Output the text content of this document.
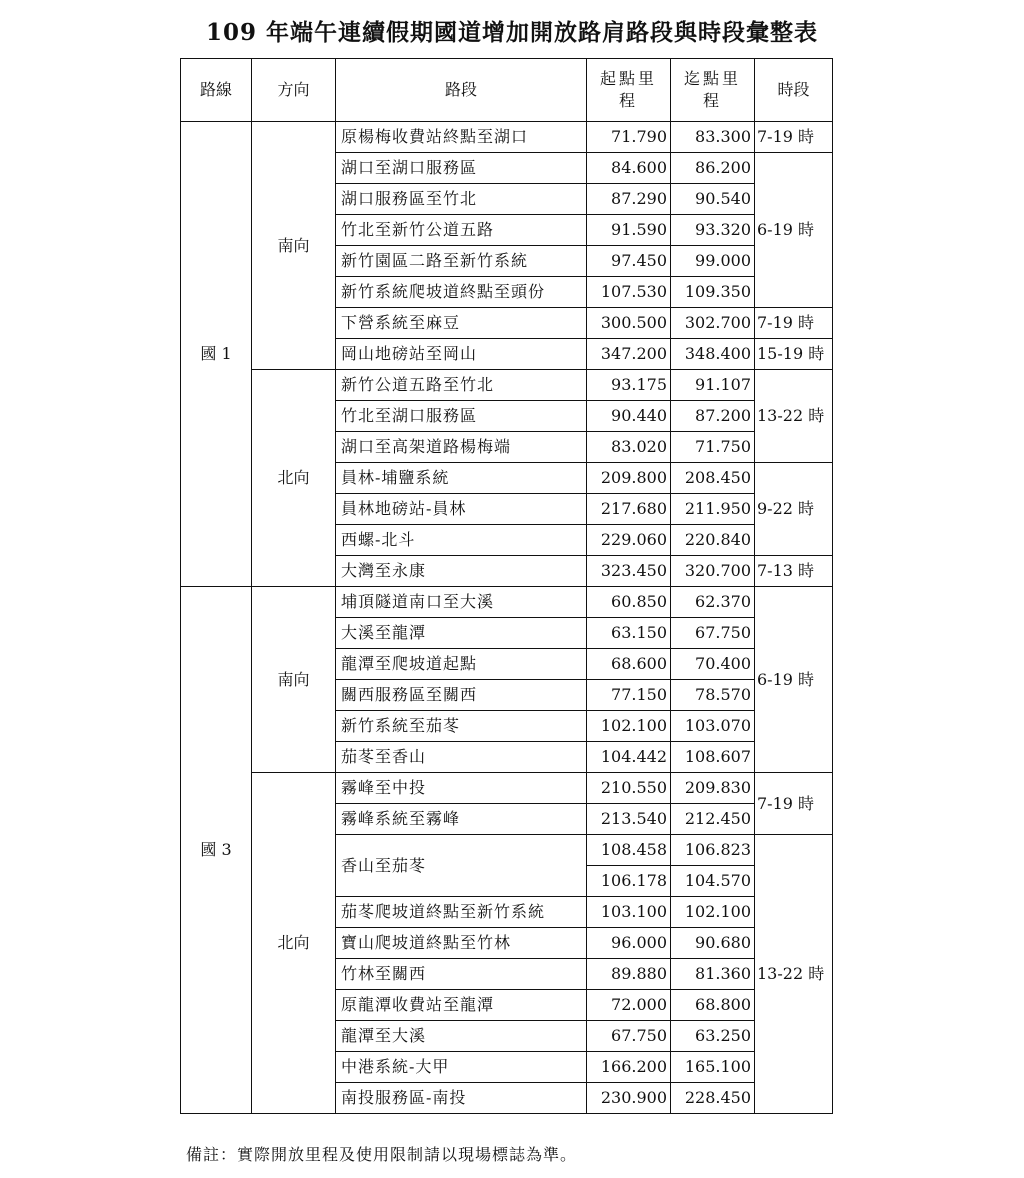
109 年端午連續假期國道增加開放路肩路段與時段彙整表
路線	方向	路段	起點里程	迄點里程	時段
國 1	南向	原楊梅收費站終點至湖口	71.790	83.300	7-19 時
		湖口至湖口服務區	84.600	86.200	6-19 時
		湖口服務區至竹北	87.290	90.540	
		竹北至新竹公道五路	91.590	93.320	
		新竹園區二路至新竹系統	97.450	99.000	
		新竹系統爬坡道終點至頭份	107.530	109.350	
		下營系統至麻豆	300.500	302.700	7-19 時
		岡山地磅站至岡山	347.200	348.400	15-19 時
	北向	新竹公道五路至竹北	93.175	91.107	13-22 時
		竹北至湖口服務區	90.440	87.200	
		湖口至高架道路楊梅端	83.020	71.750	
		員林-埔鹽系統	209.800	208.450	9-22 時
		員林地磅站-員林	217.680	211.950	
		西螺-北斗	229.060	220.840	
		大灣至永康	323.450	320.700	7-13 時
國 3	南向	埔頂隧道南口至大溪	60.850	62.370	6-19 時
		大溪至龍潭	63.150	67.750	
		龍潭至爬坡道起點	68.600	70.400	
		關西服務區至關西	77.150	78.570	
		新竹系統至茄苳	102.100	103.070	
		茄苳至香山	104.442	108.607	
	北向	霧峰至中投	210.550	209.830	7-19 時
		霧峰系統至霧峰	213.540	212.450	
		香山至茄苳	108.458	106.823	13-22 時
			106.178	104.570	
		茄苳爬坡道終點至新竹系統	103.100	102.100	
		寶山爬坡道終點至竹林	96.000	90.680	
		竹林至關西	89.880	81.360	
		原龍潭收費站至龍潭	72.000	68.800	
		龍潭至大溪	67.750	63.250	
		中港系統-大甲	166.200	165.100	
		南投服務區-南投	230.900	228.450	
備註：實際開放里程及使用限制請以現場標誌為準。
